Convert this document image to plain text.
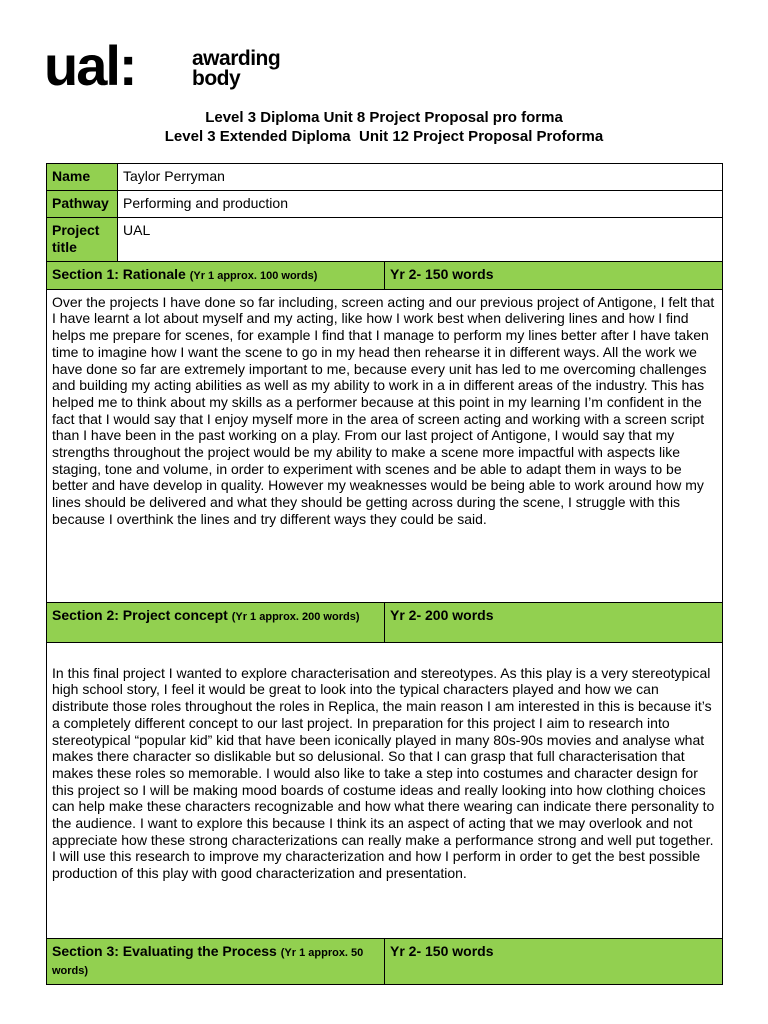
ual:	awarding
body
Level 3 Diploma Unit 8 Project Proposal pro forma
Level 3 Extended Diploma  Unit 12 Project Proposal Proforma
Name	Taylor Perryman	
Pathway	Performing and production	
Project title	UAL	
Section 1: Rationale (Yr 1 approx. 100 words)		Yr 2- 150 words
Over the projects I have done so far including, screen acting and our previous project of Antigone, I felt that I have learnt a lot about myself and my acting, like how I work best when delivering lines and how I find helps me prepare for scenes, for example I find that I manage to perform my lines better after I have taken time to imagine how I want the scene to go in my head then rehearse it in different ways. All the work we have done so far are extremely important to me, because every unit has led to me overcoming challenges and building my acting abilities as well as my ability to work in a in different areas of the industry. This has helped me to think about my skills as a performer because at this point in my learning I’m confident in the fact that I would say that I enjoy myself more in the area of screen acting and working with a screen script than I have been in the past working on a play. From our last project of Antigone, I would say that my strengths throughout the project would be my ability to make a scene more impactful with aspects like staging, tone and volume, in order to experiment with scenes and be able to adapt them in ways to be better and have develop in quality. However my weaknesses would be being able to work around how my lines should be delivered and what they should be getting across during the scene, I struggle with this because I overthink the lines and try different ways they could be said.		
Section 2: Project concept (Yr 1 approx. 200 words)		Yr 2- 200 words
In this final project I wanted to explore characterisation and stereotypes. As this play is a very stereotypical high school story, I feel it would be great to look into the typical characters played and how we can distribute those roles throughout the roles in Replica, the main reason I am interested in this is because it’s a completely different concept to our last project. In preparation for this project I aim to research into stereotypical “popular kid” kid that have been iconically played in many 80s-90s movies and analyse what makes there character so dislikable but so delusional. So that I can grasp that full characterisation that makes these roles so memorable. I would also like to take a step into costumes and character design for this project so I will be making mood boards of costume ideas and really looking into how clothing choices can help make these characters recognizable and how what there wearing can indicate there personality to the audience. I want to explore this because I think its an aspect of acting that we may overlook and not appreciate how these strong characterizations can really make a performance strong and well put together. I will use this research to improve my characterization and how I perform in order to get the best possible production of this play with good characterization and presentation.		
Section 3: Evaluating the Process (Yr 1 approx. 50 words)		Yr 2- 150 words
